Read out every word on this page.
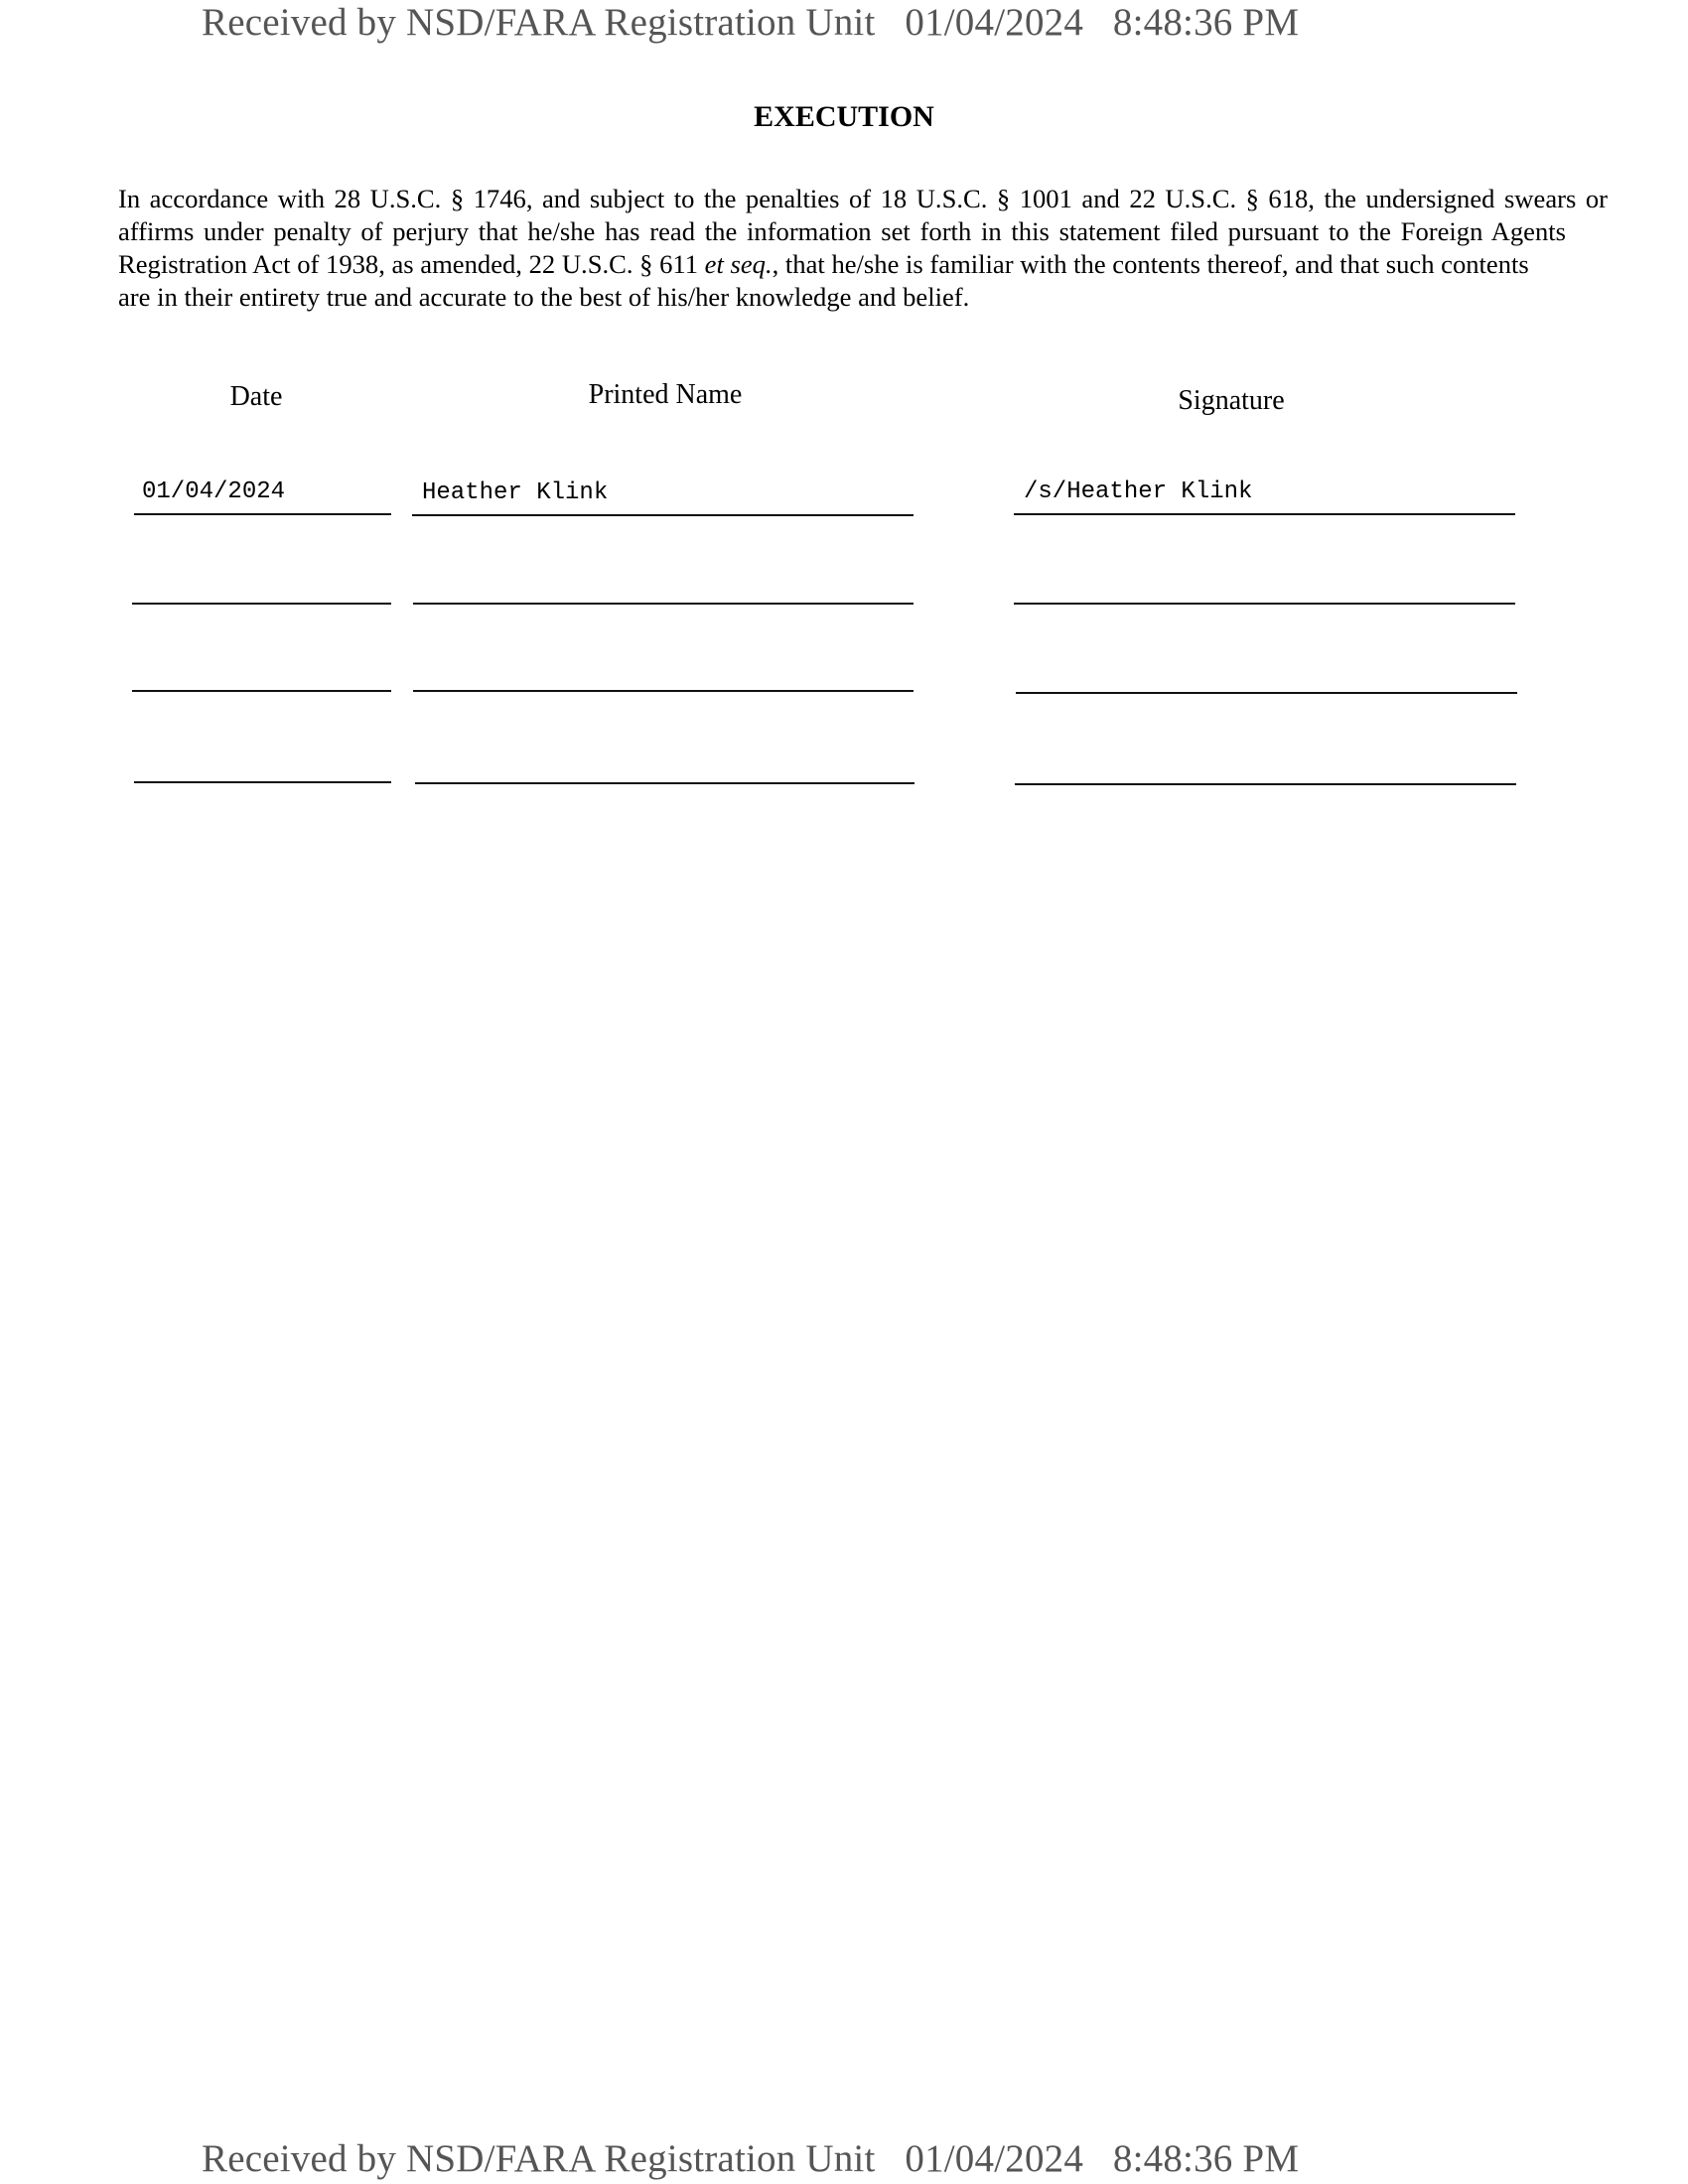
Received by NSD/FARA Registration Unit 01/04/2024 8:48:36 PM
EXECUTION
In accordance with 28 U.S.C. § 1746, and subject to the penalties of 18 U.S.C. § 1001 and 22 U.S.C. § 618, the undersigned swears or
affirms under penalty of perjury that he/she has read the information set forth in this statement filed pursuant to the Foreign Agents
Registration Act of 1938, as amended, 22 U.S.C. § 611 et seq., that he/she is familiar with the contents thereof, and that such contents
are in their entirety true and accurate to the best of his/her knowledge and belief.
Date	Printed Name	Signature
01/04/2024	Heather Klink	/s/Heather Klink
Received by NSD/FARA Registration Unit 01/04/2024 8:48:36 PM
